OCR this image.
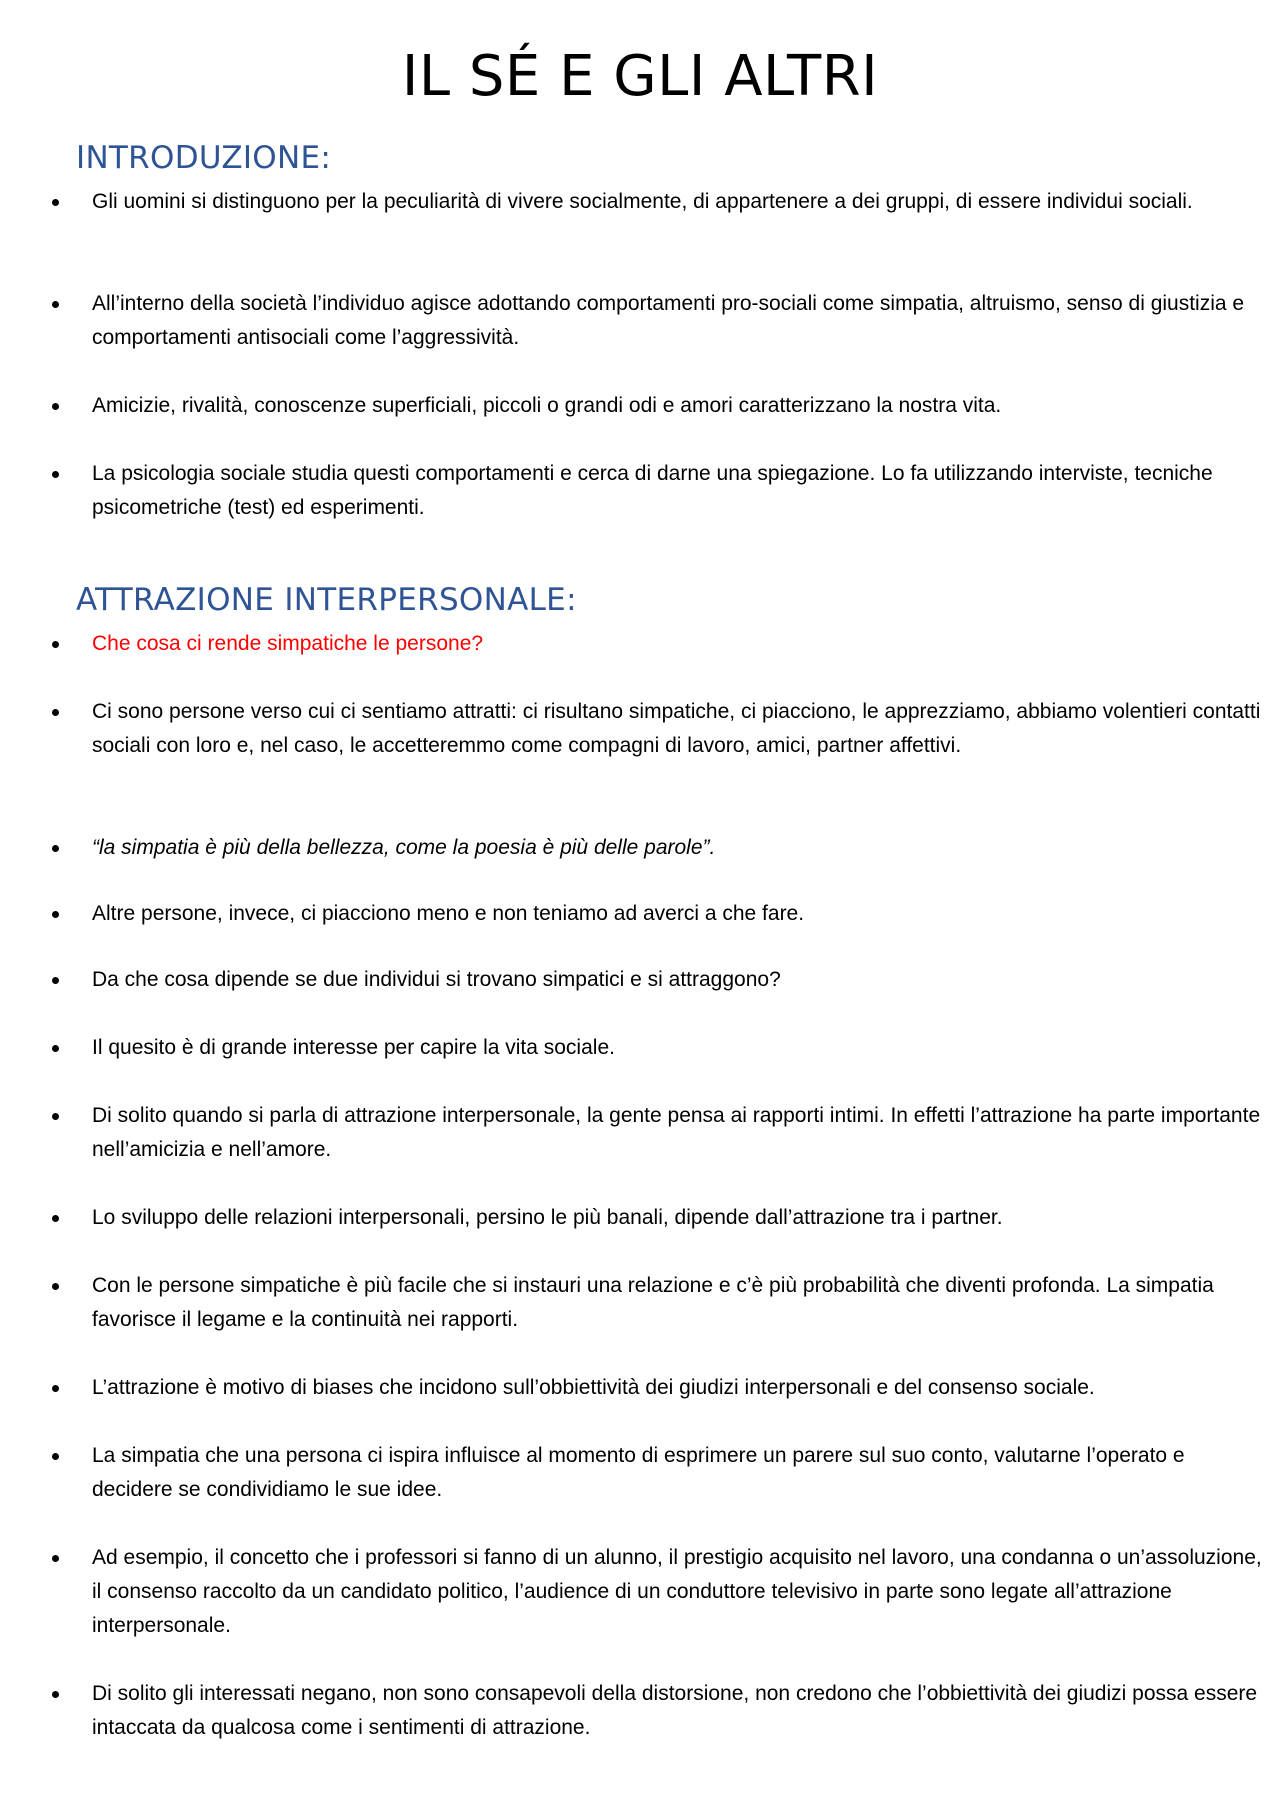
IL SÉ E GLI ALTRI
INTRODUZIONE:

Gli uomini si distinguono per la peculiarità di vivere socialmente, di appartenere a dei gruppi, di essere individui sociali.

All’interno della società l’individuo agisce adottando comportamenti pro-sociali come simpatia, altruismo, senso di giustizia e comportamenti antisociali come l’aggressività.

Amicizie, rivalità, conoscenze superficiali, piccoli o grandi odi e amori caratterizzano la nostra vita.

La psicologia sociale studia questi comportamenti e cerca di darne una spiegazione. Lo fa utilizzando interviste, tecniche psicometriche (test) ed esperimenti.

ATTRAZIONE INTERPERSONALE:

Che cosa ci rende simpatiche le persone?

Ci sono persone verso cui ci sentiamo attratti: ci risultano simpatiche, ci piacciono, le apprezziamo, abbiamo volentieri contatti sociali con loro e, nel caso, le accetteremmo come compagni di lavoro, amici, partner affettivi.

“la simpatia è più della bellezza, come la poesia è più delle parole”.

Altre persone, invece, ci piacciono meno e non teniamo ad averci a che fare.

Da che cosa dipende se due individui si trovano simpatici e si attraggono?

Il quesito è di grande interesse per capire la vita sociale.

Di solito quando si parla di attrazione interpersonale, la gente pensa ai rapporti intimi. In effetti l’attrazione ha parte importante nell’amicizia e nell’amore.

Lo sviluppo delle relazioni interpersonali, persino le più banali, dipende dall’attrazione tra i partner.

Con le persone simpatiche è più facile che si instauri una relazione e c’è più probabilità che diventi profonda. La simpatia favorisce il legame e la continuità nei rapporti.

L’attrazione è motivo di biases che incidono sull’obbiettività dei giudizi interpersonali e del consenso sociale.

La simpatia che una persona ci ispira influisce al momento di esprimere un parere sul suo conto, valutarne l’operato e decidere se condividiamo le sue idee.

Ad esempio, il concetto che i professori si fanno di un alunno, il prestigio acquisito nel lavoro, una condanna o un’assoluzione, il consenso raccolto da un candidato politico, l’audience di un conduttore televisivo in parte sono legate all’attrazione interpersonale.

Di solito gli interessati negano, non sono consapevoli della distorsione, non credono che l’obbiettività dei giudizi possa essere intaccata da qualcosa come i sentimenti di attrazione.
